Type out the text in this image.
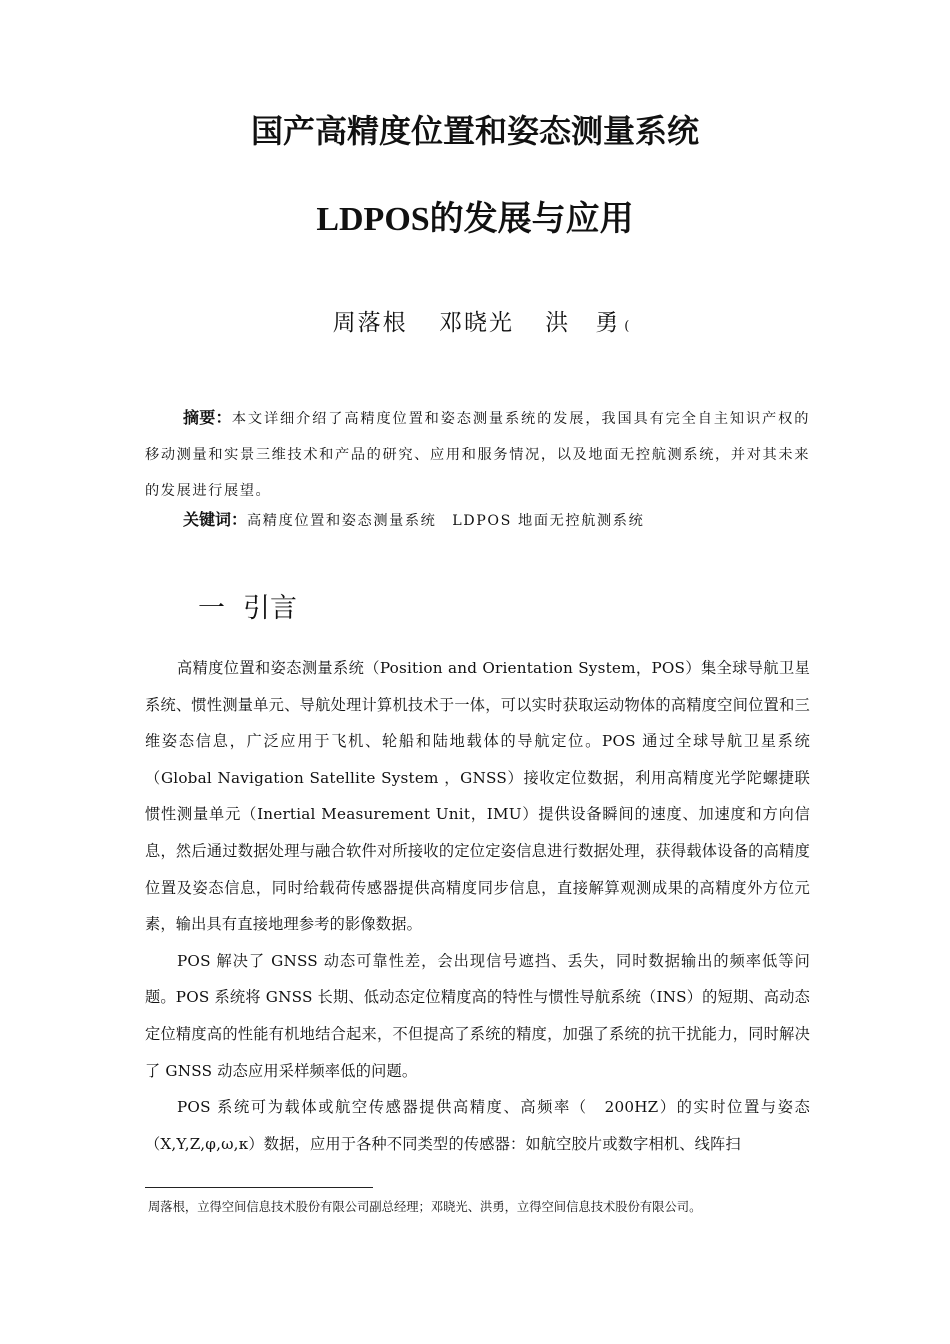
国产高精度位置和姿态测量系统
LDPOS的发展与应用
周落根 邓晓光 洪　勇 (
摘要：本文详细介绍了高精度位置和姿态测量系统的发展，我国具有完全自主知识产权的移动测量和实景三维技术和产品的研究、应用和服务情况，以及地面无控航测系统，并对其未来的发展进行展望。
关键词：高精度位置和姿态测量系统　LDPOS 地面无控航测系统
一 引言

高精度位置和姿态测量系统（Position and Orientation System，POS）集全球导航卫星系统、惯性测量单元、导航处理计算机技术于一体，可以实时获取运动物体的高精度空间位置和三维姿态信息，广泛应用于飞机、轮船和陆地载体的导航定位。POS 通过全球导航卫星系统（Global Navigation Satellite System ，GNSS）接收定位数据，利用高精度光学陀螺捷联惯性测量单元（Inertial Measurement Unit，IMU）提供设备瞬间的速度、加速度和方向信息，然后通过数据处理与融合软件对所接收的定位定姿信息进行数据处理，获得载体设备的高精度位置及姿态信息，同时给载荷传感器提供高精度同步信息，直接解算观测成果的高精度外方位元素，输出具有直接地理参考的影像数据。

POS 解决了 GNSS 动态可靠性差，会出现信号遮挡、丢失，同时数据输出的频率低等问题。POS 系统将 GNSS 长期、低动态定位精度高的特性与惯性导航系统（INS）的短期、高动态定位精度高的性能有机地结合起来，不但提高了系统的精度，加强了系统的抗干扰能力，同时解决了 GNSS 动态应用采样频率低的问题。

POS 系统可为载体或航空传感器提供高精度、高频率（　200HZ）的实时位置与姿态（X,Y,Z,φ,ω,κ）数据，应用于各种不同类型的传感器：如航空胶片或数字相机、线阵扫

周落根，立得空间信息技术股份有限公司副总经理；邓晓光、洪勇，立得空间信息技术股份有限公司。
